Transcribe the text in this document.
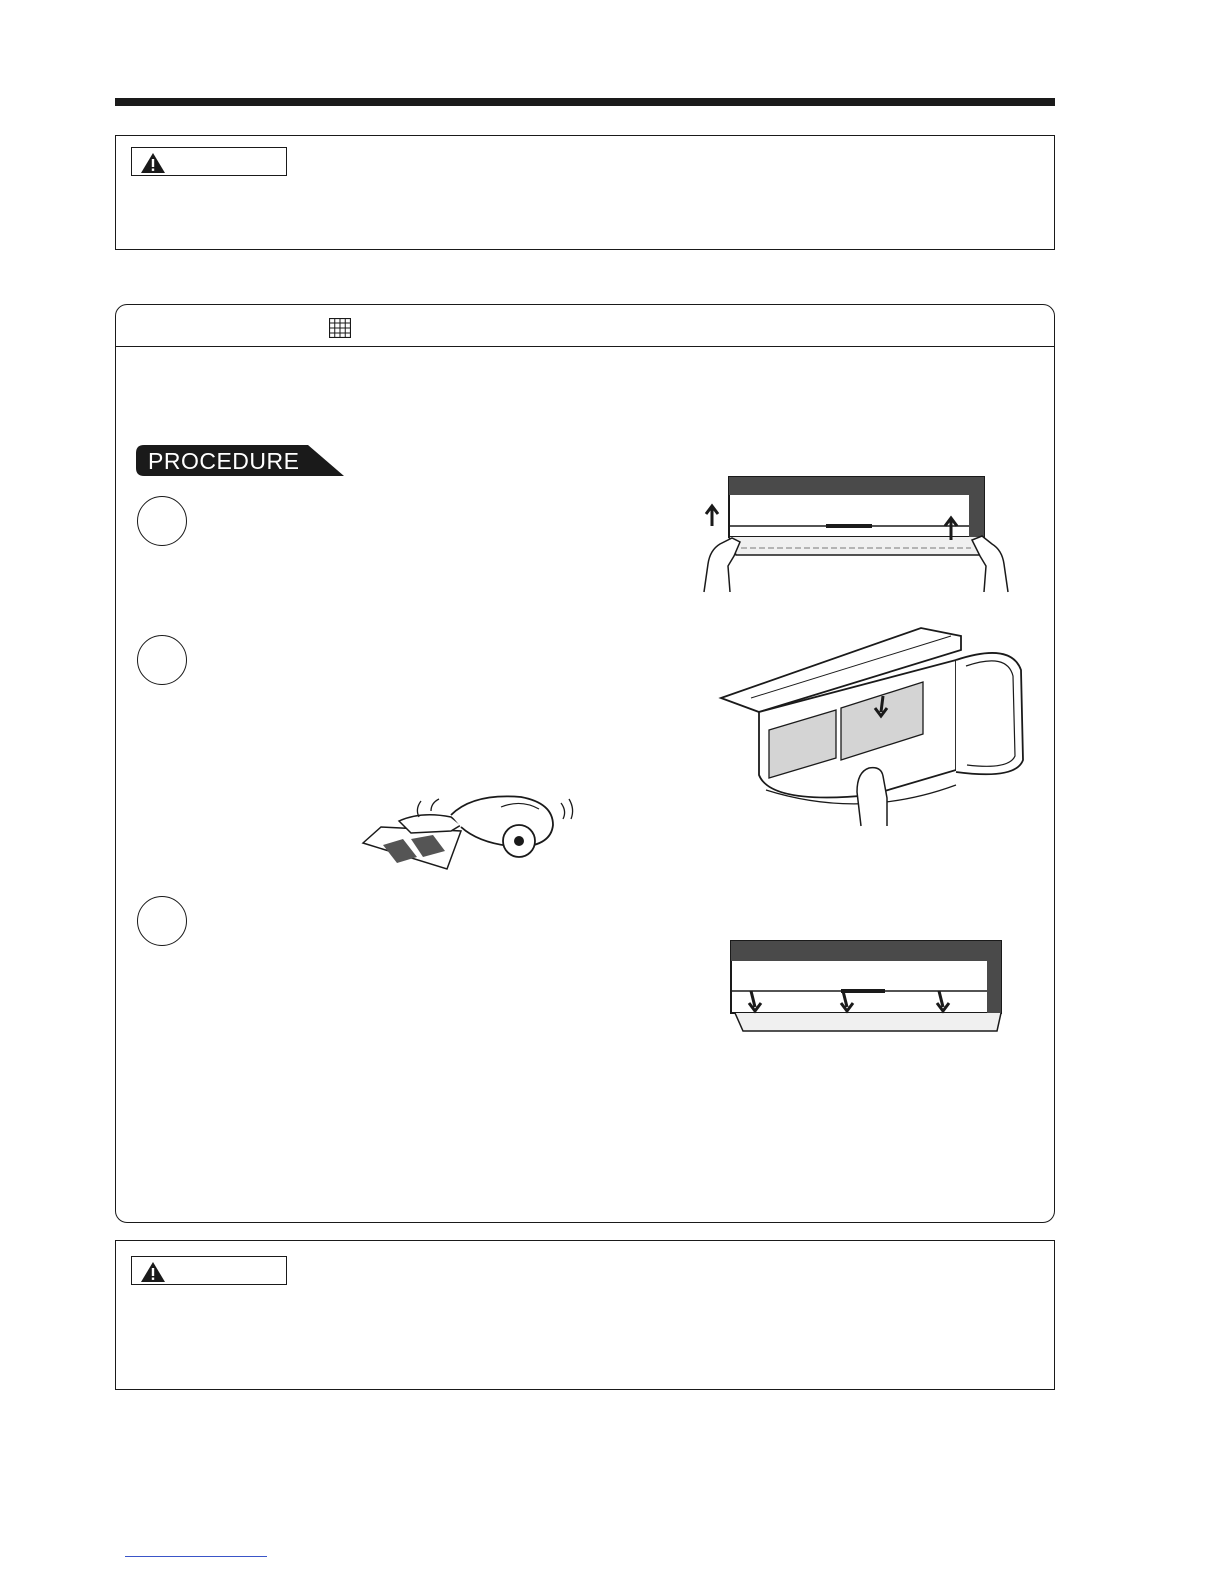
PROCEDURE
